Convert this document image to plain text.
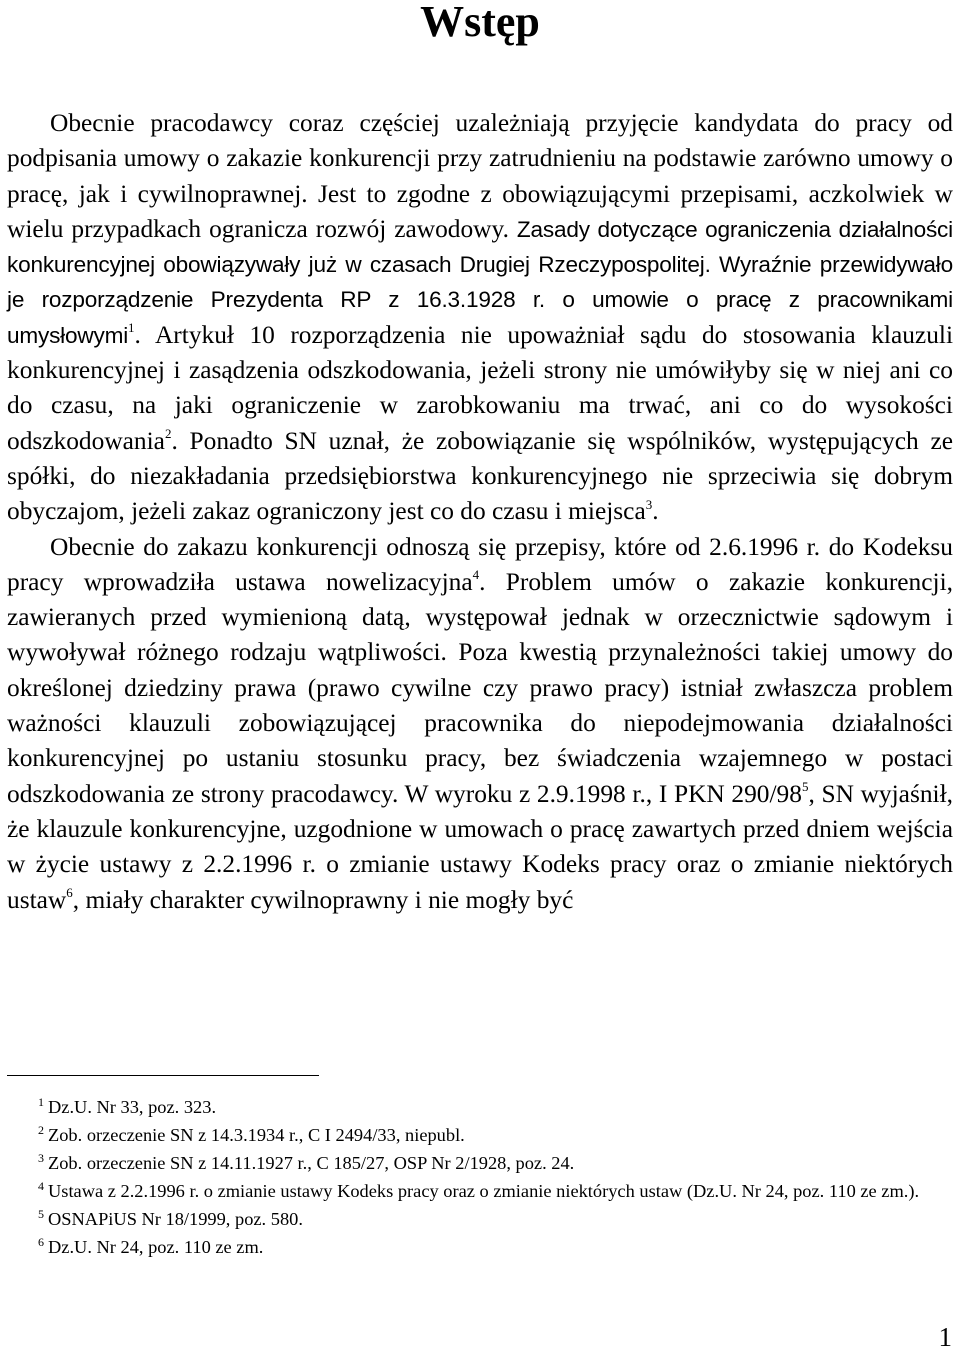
Wstęp

Obecnie pracodawcy coraz częściej uzależniają przyjęcie kandydata do pracy od podpisania umowy o zakazie konkurencji przy zatrudnieniu na podstawie zarówno umowy o pracę, jak i cywilnoprawnej. Jest to zgodne z obowiązującymi przepisami, aczkolwiek w wielu przypadkach ogranicza rozwój zawodowy. Zasady dotyczące ograniczenia działalności konkurencyjnej obowiązywały już w czasach Drugiej Rzeczypospolitej. Wyraźnie przewidywało je rozporządzenie Prezydenta RP z 16.3.1928 r. o umowie o pracę z pracownikami umysłowymi$^1$. Artykuł 10 rozporządzenia nie upoważniał sądu do stosowania klauzuli konkurencyjnej i zasądzenia odszkodowania, jeżeli strony nie umówiłyby się w niej ani co do czasu, na jaki ograniczenie w zarobkowaniu ma trwać, ani co do wysokości odszkodowania$^2$. Ponadto SN uznał, że zobowiązanie się wspólników, występujących ze spółki, do niezakładania przedsiębiorstwa konkurencyjnego nie sprzeciwia się dobrym obyczajom, jeżeli zakaz ograniczony jest co do czasu i miejsca$^3$.

Obecnie do zakazu konkurencji odnoszą się przepisy, które od 2.6.1996 r. do Kodeksu pracy wprowadziła ustawa nowelizacyjna$^4$. Problem umów o zakazie konkurencji, zawieranych przed wymienioną datą, występował jednak w orzecznictwie sądowym i wywoływał różnego rodzaju wątpliwości. Poza kwestią przynależności takiej umowy do określonej dziedziny prawa (prawo cywilne czy prawo pracy) istniał zwłaszcza problem ważności klauzuli zobowiązującej pracownika do niepodejmowania działalności konkurencyjnej po ustaniu stosunku pracy, bez świadczenia wzajemnego w postaci odszkodowania ze strony pracodawcy. W wyroku z 2.9.1998 r., I PKN $290/98^5$, SN wyjaśnił, że klauzule konkurencyjne, uzgodnione w umowach o pracę zawartych przed dniem wejścia w życie ustawy z 2.2.1996 r. o zmianie ustawy Kodeks pracy oraz o zmianie niektórych ustaw$^6$, miały charakter cywilnoprawny i nie mogły być

$^1$ Dz.U. Nr 33, poz. 323.

$^2$ Zob. orzeczenie SN z 14.3.1934 r., C I 2494/33, niepubl.

$^3$ Zob. orzeczenie SN z 14.11.1927 r., C 185/27, OSP Nr 2/1928, poz. 24.

$^4$ Ustawa z 2.2.1996 r. o zmianie ustawy Kodeks pracy oraz o zmianie niektórych ustaw (Dz.U. Nr 24, poz. 110 ze zm.).

$^5$ OSNAPiUS Nr 18/1999, poz. 580.

$^6$ Dz.U. Nr 24, poz. 110 ze zm.

1
